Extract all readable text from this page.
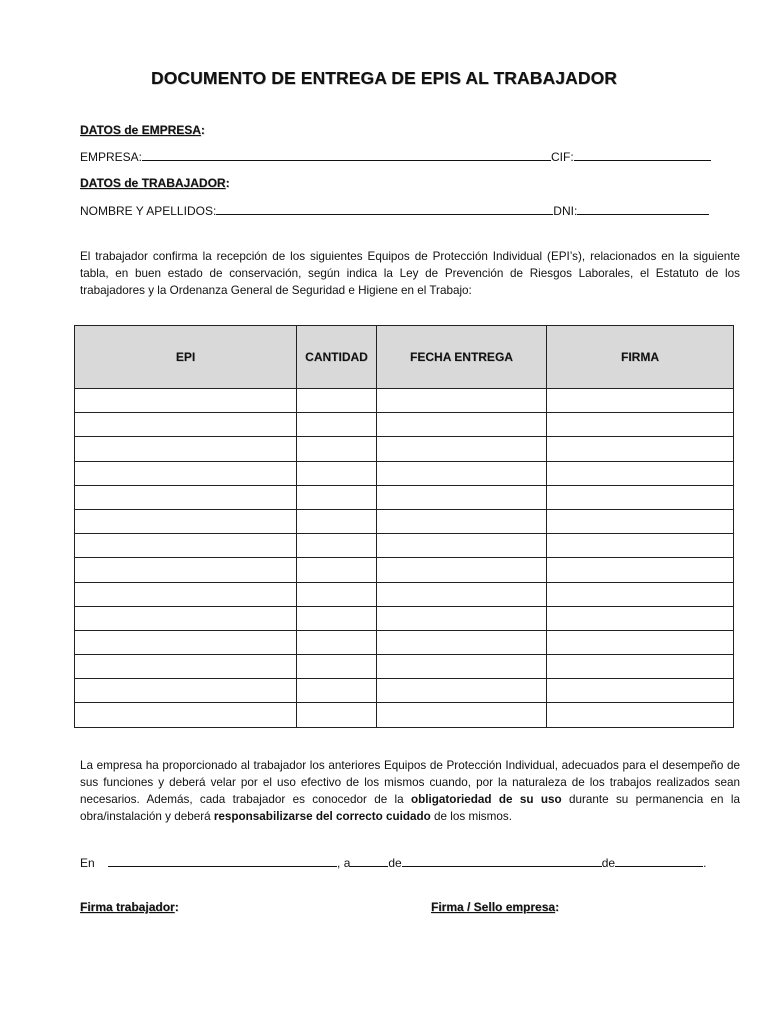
DOCUMENTO DE ENTREGA DE EPIS AL TRABAJADOR
DATOS de EMPRESA:
EMPRESA:	CIF:
DATOS de TRABAJADOR:
NOMBRE Y APELLIDOS:	DNI:
El trabajador confirma la recepción de los siguientes Equipos de Protección Individual (EPI’s), relacionados en la siguiente tabla, en buen estado de conservación, según indica la Ley de Prevención de Riesgos Laborales, el Estatuto de los trabajadores y la Ordenanza General de Seguridad e Higiene en el Trabajo:
EPI	CANTIDAD	FECHA ENTREGA	FIRMA

La empresa ha proporcionado al trabajador los anteriores Equipos de Protección Individual, adecuados para el desempeño de sus funciones y deberá velar por el uso efectivo de los mismos cuando, por la naturaleza de los trabajos realizados sean necesarios. Además, cada trabajador es conocedor de la obligatoriedad de su uso durante su permanencia en la obra/instalación y deberá responsabilizarse del correcto cuidado de los mismos.
En	, a	de	de	.
Firma trabajador:	Firma / Sello empresa:
